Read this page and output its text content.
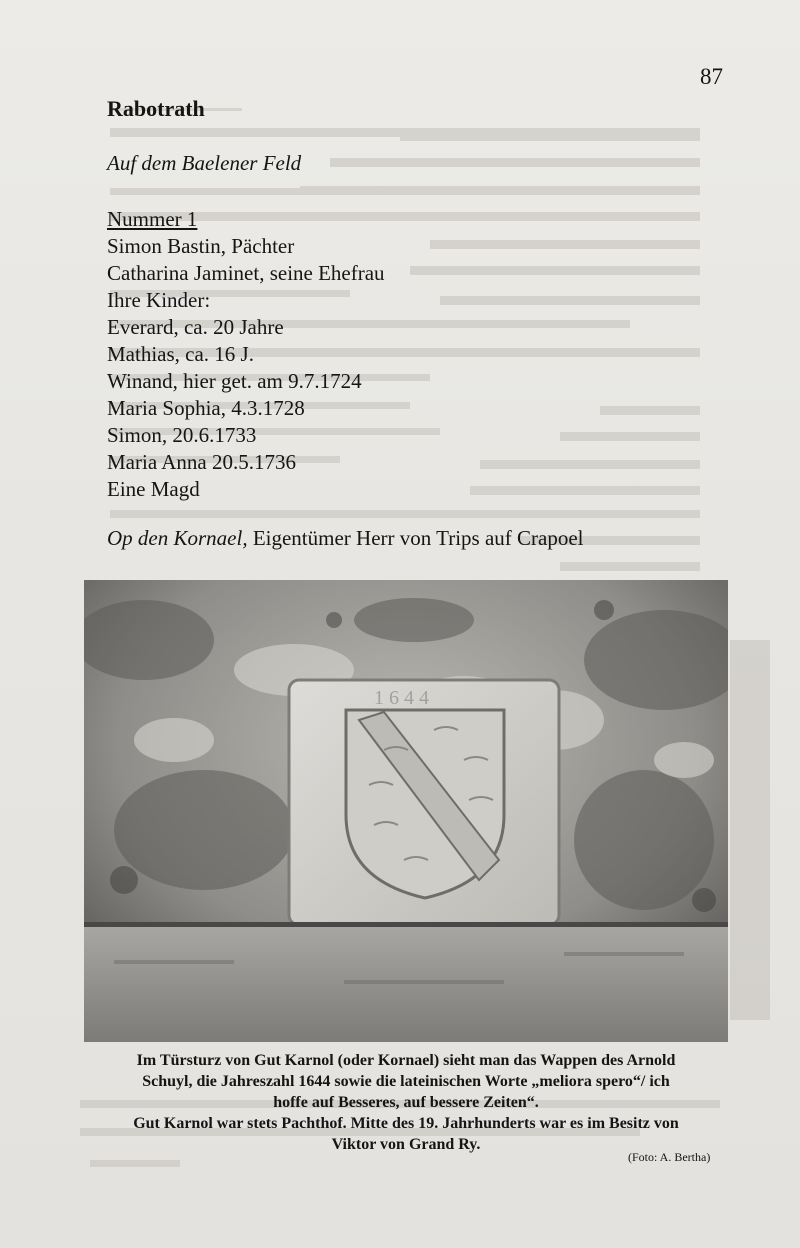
87
Rabotrath
Auf dem Baelener Feld
Nummer 1
Simon Bastin, Pächter
Catharina Jaminet, seine Ehefrau
Ihre Kinder:
Everard, ca. 20 Jahre
Mathias, ca. 16 J.
Winand, hier get. am 9.7.1724
Maria Sophia, 4.3.1728
Simon, 20.6.1733
Maria Anna 20.5.1736
Eine Magd
Op den Kornael, Eigentümer Herr von Trips auf Crapoel
1 6 4 4
Im Türsturz von Gut Karnol (oder Kornael) sieht man das Wappen des Arnold
Schuyl, die Jahreszahl 1644 sowie die lateinischen Worte „meliora spero“/ ich
hoffe auf Besseres, auf bessere Zeiten“.
Gut Karnol war stets Pachthof. Mitte des 19. Jahrhunderts war es im Besitz von
Viktor von Grand Ry.
(Foto: A. Bertha)
